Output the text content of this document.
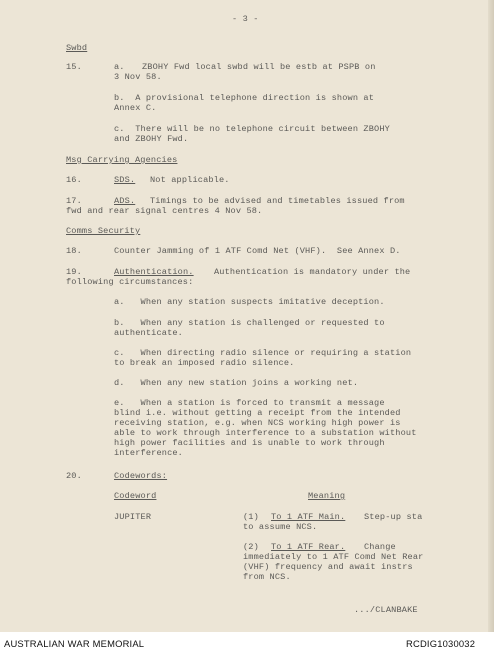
- 3 -
Swbd
15.	a. ZBOHY Fwd local swbd will be estb at PSPB on
3 Nov 58.
b.  A provisional telephone direction is shown at
Annex C.
c.  There will be no telephone circuit between ZBOHY
and ZBOHY Fwd.
Msg Carrying Agencies
16.	SDS. Not applicable.
17.	ADS. Timings to be advised and timetables issued from
fwd and rear signal centres 4 Nov 58.
Comms Security
18.	Counter Jamming of 1 ATF Comd Net (VHF).  See Annex D.
19.	Authentication. Authentication is mandatory under the
following circumstances:
a.   When any station suspects imitative deception.
b.   When any station is challenged or requested to
authenticate.
c.   When directing radio silence or requiring a station
to break an imposed radio silence.
d.   When any new station joins a working net.
e.   When a station is forced to transmit a message
blind i.e. without getting a receipt from the intended
receiving station, e.g. when NCS working high power is
able to work through interference to a substation without
high power facilities and is unable to work through
interference.
20.	Codewords:
Codeword	Meaning
JUPITER	(1) To 1 ATF Main. Step-up sta
to assume NCS.
(2) To 1 ATF Rear. Change
immediately to 1 ATF Comd Net Rear
(VHF) frequency and await instrs
from NCS.
.../CLANBAKE
AUSTRALIAN WAR MEMORIAL	RCDIG1030032
